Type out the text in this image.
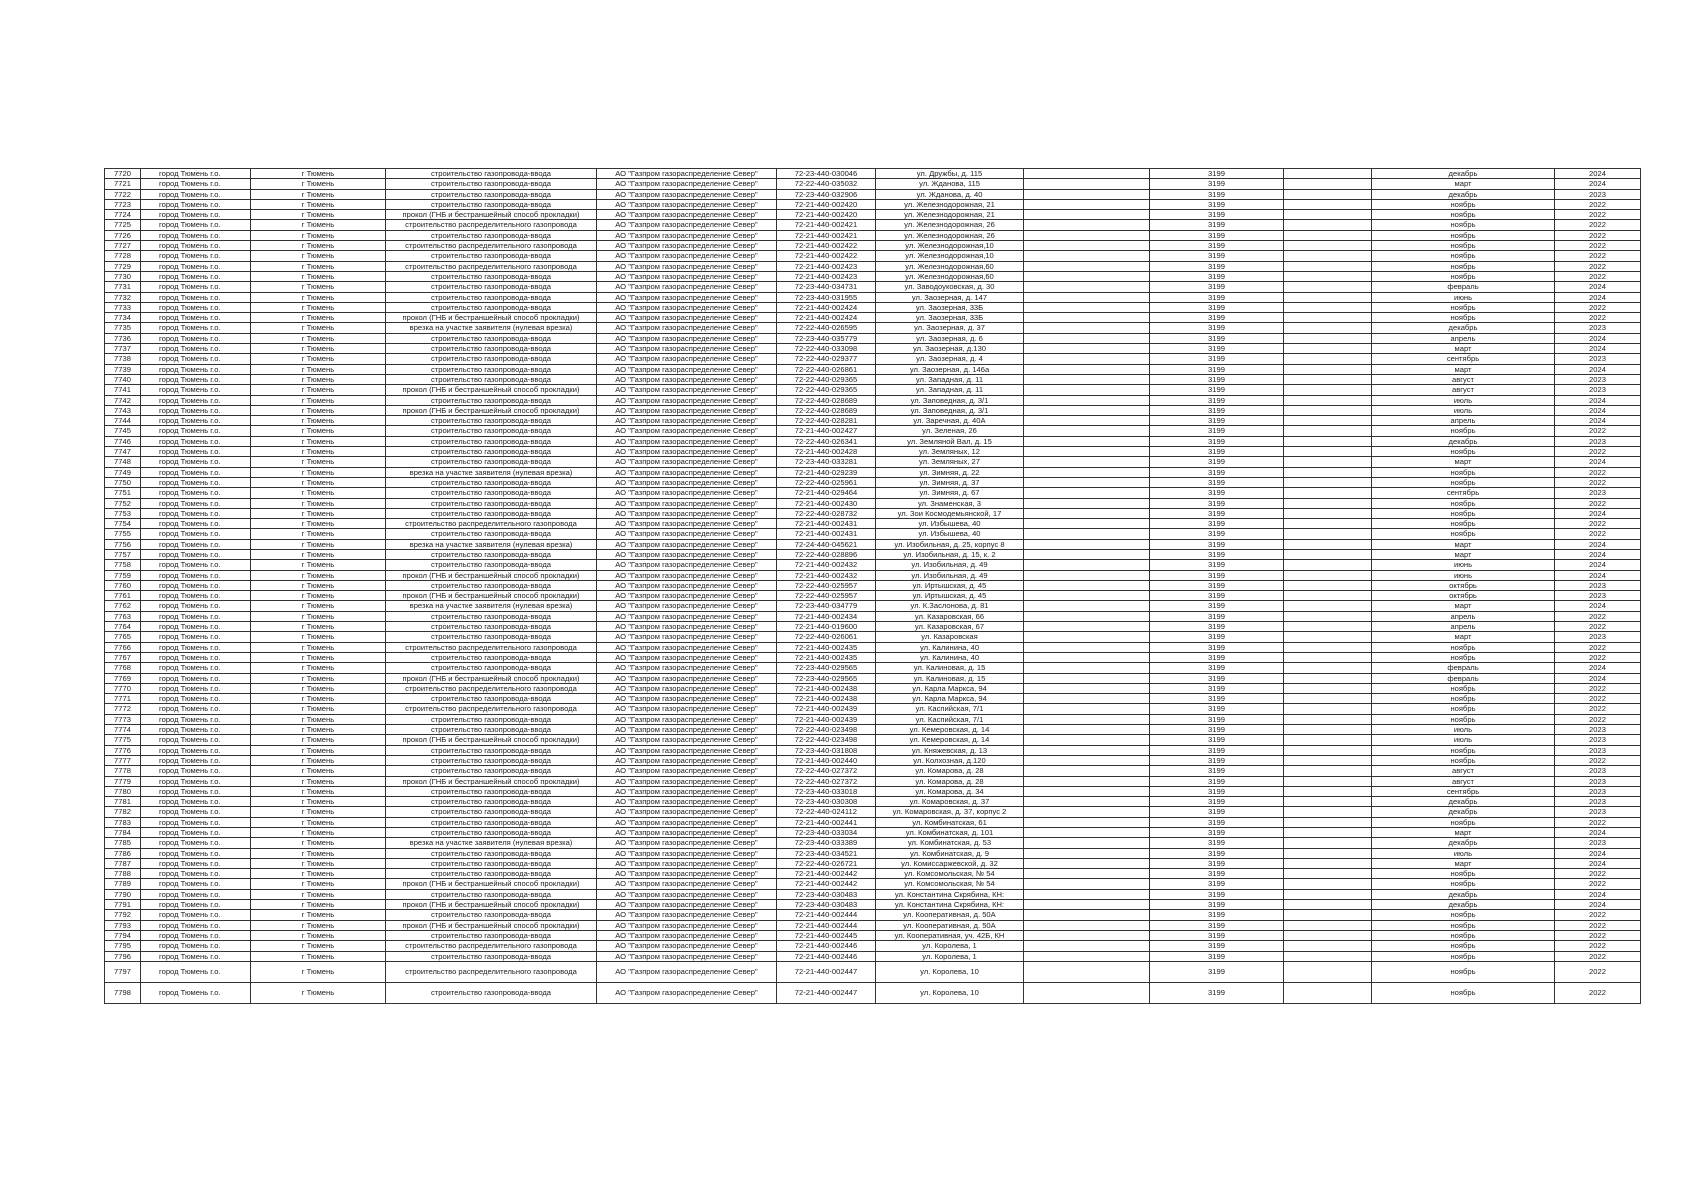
7720	город Тюмень г.о.	г Тюмень	строительство газопровода-ввода	АО "Газпром газораспределение Север"	72-23-440-030046	ул. Дружбы, д. 115		3199		декабрь	2024
7721	город Тюмень г.о.	г Тюмень	строительство газопровода-ввода	АО "Газпром газораспределение Север"	72-22-440-035032	ул. Жданова, 115		3199		март	2024
7722	город Тюмень г.о.	г Тюмень	строительство газопровода-ввода	АО "Газпром газораспределение Север"	72-23-440-032906	ул. Жданова, д. 40		3199		декабрь	2023
7723	город Тюмень г.о.	г Тюмень	строительство газопровода-ввода	АО "Газпром газораспределение Север"	72-21-440-002420	ул. Железнодорожная, 21		3199		ноябрь	2022
7724	город Тюмень г.о.	г Тюмень	прокол (ГНБ и бестраншейный способ прокладки)	АО "Газпром газораспределение Север"	72-21-440-002420	ул. Железнодорожная, 21		3199		ноябрь	2022
7725	город Тюмень г.о.	г Тюмень	строительство распределительного газопровода	АО "Газпром газораспределение Север"	72-21-440-002421	ул. Железнодорожная, 26		3199		ноябрь	2022
7726	город Тюмень г.о.	г Тюмень	строительство газопровода-ввода	АО "Газпром газораспределение Север"	72-21-440-002421	ул. Железнодорожная, 26		3199		ноябрь	2022
7727	город Тюмень г.о.	г Тюмень	строительство распределительного газопровода	АО "Газпром газораспределение Север"	72-21-440-002422	ул. Железнодорожная,10		3199		ноябрь	2022
7728	город Тюмень г.о.	г Тюмень	строительство газопровода-ввода	АО "Газпром газораспределение Север"	72-21-440-002422	ул. Железнодорожная,10		3199		ноябрь	2022
7729	город Тюмень г.о.	г Тюмень	строительство распределительного газопровода	АО "Газпром газораспределение Север"	72-21-440-002423	ул. Железнодорожная,60		3199		ноябрь	2022
7730	город Тюмень г.о.	г Тюмень	строительство газопровода-ввода	АО "Газпром газораспределение Север"	72-21-440-002423	ул. Железнодорожная,60		3199		ноябрь	2022
7731	город Тюмень г.о.	г Тюмень	строительство газопровода-ввода	АО "Газпром газораспределение Север"	72-23-440-034731	ул. Заводоуковская, д. 30		3199		февраль	2024
7732	город Тюмень г.о.	г Тюмень	строительство газопровода-ввода	АО "Газпром газораспределение Север"	72-23-440-031955	ул. Заозерная, д. 147		3199		июнь	2024
7733	город Тюмень г.о.	г Тюмень	строительство газопровода-ввода	АО "Газпром газораспределение Север"	72-21-440-002424	ул. Заозерная, 33Б		3199		ноябрь	2022
7734	город Тюмень г.о.	г Тюмень	прокол (ГНБ и бестраншейный способ прокладки)	АО "Газпром газораспределение Север"	72-21-440-002424	ул. Заозерная, 33Б		3199		ноябрь	2022
7735	город Тюмень г.о.	г Тюмень	врезка на участке заявителя (нулевая врезка)	АО "Газпром газораспределение Север"	72-22-440-026595	ул. Заозерная, д. 37		3199		декабрь	2023
7736	город Тюмень г.о.	г Тюмень	строительство газопровода-ввода	АО "Газпром газораспределение Север"	72-23-440-035779	ул. Заозерная, д. 6		3199		апрель	2024
7737	город Тюмень г.о.	г Тюмень	строительство газопровода-ввода	АО "Газпром газораспределение Север"	72-22-440-033098	ул. Заозерная, д.130		3199		март	2024
7738	город Тюмень г.о.	г Тюмень	строительство газопровода-ввода	АО "Газпром газораспределение Север"	72-22-440-029377	ул. Заозерная, д. 4		3199		сентябрь	2023
7739	город Тюмень г.о.	г Тюмень	строительство газопровода-ввода	АО "Газпром газораспределение Север"	72-22-440-026861	ул. Заозерная, д. 146а		3199		март	2024
7740	город Тюмень г.о.	г Тюмень	строительство газопровода-ввода	АО "Газпром газораспределение Север"	72-22-440-029365	ул. Западная, д. 11		3199		август	2023
7741	город Тюмень г.о.	г Тюмень	прокол (ГНБ и бестраншейный способ прокладки)	АО "Газпром газораспределение Север"	72-22-440-029365	ул. Западная, д. 11		3199		август	2023
7742	город Тюмень г.о.	г Тюмень	строительство газопровода-ввода	АО "Газпром газораспределение Север"	72-22-440-028689	ул. Заповедная, д. 3/1		3199		июль	2024
7743	город Тюмень г.о.	г Тюмень	прокол (ГНБ и бестраншейный способ прокладки)	АО "Газпром газораспределение Север"	72-22-440-028689	ул. Заповедная, д. 3/1		3199		июль	2024
7744	город Тюмень г.о.	г Тюмень	строительство газопровода-ввода	АО "Газпром газораспределение Север"	72-22-440-028281	ул. Заречная, д. 40А		3199		апрель	2024
7745	город Тюмень г.о.	г Тюмень	строительство газопровода-ввода	АО "Газпром газораспределение Север"	72-21-440-002427	ул. Зеленая, 26		3199		ноябрь	2022
7746	город Тюмень г.о.	г Тюмень	строительство газопровода-ввода	АО "Газпром газораспределение Север"	72-22-440-026341	ул. Земляной Вал, д. 15		3199		декабрь	2023
7747	город Тюмень г.о.	г Тюмень	строительство газопровода-ввода	АО "Газпром газораспределение Север"	72-21-440-002428	ул. Земляных, 12		3199		ноябрь	2022
7748	город Тюмень г.о.	г Тюмень	строительство газопровода-ввода	АО "Газпром газораспределение Север"	72-23-440-033281	ул. Земляных, 27		3199		март	2024
7749	город Тюмень г.о.	г Тюмень	врезка на участке заявителя (нулевая врезка)	АО "Газпром газораспределение Север"	72-21-440-029239	ул. Зимняя, д. 22		3199		ноябрь	2022
7750	город Тюмень г.о.	г Тюмень	строительство газопровода-ввода	АО "Газпром газораспределение Север"	72-22-440-025961	ул. Зимняя, д. 37		3199		ноябрь	2022
7751	город Тюмень г.о.	г Тюмень	строительство газопровода-ввода	АО "Газпром газораспределение Север"	72-21-440-029464	ул. Зимняя, д. 67		3199		сентябрь	2023
7752	город Тюмень г.о.	г Тюмень	строительство газопровода-ввода	АО "Газпром газораспределение Север"	72-21-440-002430	ул. Знаменская, 3		3199		ноябрь	2022
7753	город Тюмень г.о.	г Тюмень	строительство газопровода-ввода	АО "Газпром газораспределение Север"	72-22-440-028732	ул. Зои Космодемьянской, 17		3199		ноябрь	2024
7754	город Тюмень г.о.	г Тюмень	строительство распределительного газопровода	АО "Газпром газораспределение Север"	72-21-440-002431	ул. Избышева, 40		3199		ноябрь	2022
7755	город Тюмень г.о.	г Тюмень	строительство газопровода-ввода	АО "Газпром газораспределение Север"	72-21-440-002431	ул. Избышева, 40		3199		ноябрь	2022
7756	город Тюмень г.о.	г Тюмень	врезка на участке заявителя (нулевая врезка)	АО "Газпром газораспределение Север"	72-24-440-045621	ул. Изобильная, д. 25, корпус 8		3199		март	2024
7757	город Тюмень г.о.	г Тюмень	строительство газопровода-ввода	АО "Газпром газораспределение Север"	72-22-440-028896	ул. Изобильная, д. 15, к. 2		3199		март	2024
7758	город Тюмень г.о.	г Тюмень	строительство газопровода-ввода	АО "Газпром газораспределение Север"	72-21-440-002432	ул. Изобильная, д. 49		3199		июнь	2024
7759	город Тюмень г.о.	г Тюмень	прокол (ГНБ и бестраншейный способ прокладки)	АО "Газпром газораспределение Север"	72-21-440-002432	ул. Изобильная, д. 49		3199		июнь	2024
7760	город Тюмень г.о.	г Тюмень	строительство газопровода-ввода	АО "Газпром газораспределение Север"	72-22-440-025957	ул. Иртышская, д. 45		3199		октябрь	2023
7761	город Тюмень г.о.	г Тюмень	прокол (ГНБ и бестраншейный способ прокладки)	АО "Газпром газораспределение Север"	72-22-440-025957	ул. Иртышская, д. 45		3199		октябрь	2023
7762	город Тюмень г.о.	г Тюмень	врезка на участке заявителя (нулевая врезка)	АО "Газпром газораспределение Север"	72-23-440-034779	ул. К.Заслонова, д. 81		3199		март	2024
7763	город Тюмень г.о.	г Тюмень	строительство газопровода-ввода	АО "Газпром газораспределение Север"	72-21-440-002434	ул. Казаровская, 66		3199		апрель	2022
7764	город Тюмень г.о.	г Тюмень	строительство газопровода-ввода	АО "Газпром газораспределение Север"	72-21-440-019600	ул. Казаровская, 67		3199		апрель	2022
7765	город Тюмень г.о.	г Тюмень	строительство газопровода-ввода	АО "Газпром газораспределение Север"	72-22-440-026061	ул. Казаровская		3199		март	2023
7766	город Тюмень г.о.	г Тюмень	строительство распределительного газопровода	АО "Газпром газораспределение Север"	72-21-440-002435	ул. Калинина, 40		3199		ноябрь	2022
7767	город Тюмень г.о.	г Тюмень	строительство газопровода-ввода	АО "Газпром газораспределение Север"	72-21-440-002435	ул. Калинина, 40		3199		ноябрь	2022
7768	город Тюмень г.о.	г Тюмень	строительство газопровода-ввода	АО "Газпром газораспределение Север"	72-23-440-029565	ул. Калиновая, д. 15		3199		февраль	2024
7769	город Тюмень г.о.	г Тюмень	прокол (ГНБ и бестраншейный способ прокладки)	АО "Газпром газораспределение Север"	72-23-440-029565	ул. Калиновая, д. 15		3199		февраль	2024
7770	город Тюмень г.о.	г Тюмень	строительство распределительного газопровода	АО "Газпром газораспределение Север"	72-21-440-002438	ул. Карла Маркса, 94		3199		ноябрь	2022
7771	город Тюмень г.о.	г Тюмень	строительство газопровода-ввода	АО "Газпром газораспределение Север"	72-21-440-002438	ул. Карла Маркса, 94		3199		ноябрь	2022
7772	город Тюмень г.о.	г Тюмень	строительство распределительного газопровода	АО "Газпром газораспределение Север"	72-21-440-002439	ул. Каспийская, 7/1		3199		ноябрь	2022
7773	город Тюмень г.о.	г Тюмень	строительство газопровода-ввода	АО "Газпром газораспределение Север"	72-21-440-002439	ул. Каспийская, 7/1		3199		ноябрь	2022
7774	город Тюмень г.о.	г Тюмень	строительство газопровода-ввода	АО "Газпром газораспределение Север"	72-22-440-023498	ул. Кемеровская, д. 14		3199		июль	2023
7775	город Тюмень г.о.	г Тюмень	прокол (ГНБ и бестраншейный способ прокладки)	АО "Газпром газораспределение Север"	72-22-440-023498	ул. Кемеровская, д. 14		3199		июль	2023
7776	город Тюмень г.о.	г Тюмень	строительство газопровода-ввода	АО "Газпром газораспределение Север"	72-23-440-031808	ул. Княжевская, д. 13		3199		ноябрь	2023
7777	город Тюмень г.о.	г Тюмень	строительство газопровода-ввода	АО "Газпром газораспределение Север"	72-21-440-002440	ул. Колхозная, д.120		3199		ноябрь	2022
7778	город Тюмень г.о.	г Тюмень	строительство газопровода-ввода	АО "Газпром газораспределение Север"	72-22-440-027372	ул. Комарова, д. 28		3199		август	2023
7779	город Тюмень г.о.	г Тюмень	прокол (ГНБ и бестраншейный способ прокладки)	АО "Газпром газораспределение Север"	72-22-440-027372	ул. Комарова, д. 28		3199		август	2023
7780	город Тюмень г.о.	г Тюмень	строительство газопровода-ввода	АО "Газпром газораспределение Север"	72-23-440-033018	ул. Комарова, д. 34		3199		сентябрь	2023
7781	город Тюмень г.о.	г Тюмень	строительство газопровода-ввода	АО "Газпром газораспределение Север"	72-23-440-030308	ул. Комаровская, д. 37		3199		декабрь	2023
7782	город Тюмень г.о.	г Тюмень	строительство газопровода-ввода	АО "Газпром газораспределение Север"	72-22-440-024112	ул. Комаровская, д. 37, корпус 2		3199		декабрь	2023
7783	город Тюмень г.о.	г Тюмень	строительство газопровода-ввода	АО "Газпром газораспределение Север"	72-21-440-002441	ул. Комбинатская, 61		3199		ноябрь	2022
7784	город Тюмень г.о.	г Тюмень	строительство газопровода-ввода	АО "Газпром газораспределение Север"	72-23-440-033034	ул. Комбинатская, д. 101		3199		март	2024
7785	город Тюмень г.о.	г Тюмень	врезка на участке заявителя (нулевая врезка)	АО "Газпром газораспределение Север"	72-23-440-033389	ул. Комбинатская, д. 53		3199		декабрь	2023
7786	город Тюмень г.о.	г Тюмень	строительство газопровода-ввода	АО "Газпром газораспределение Север"	72-23-440-034521	ул. Комбинатская, д. 9		3199		июль	2024
7787	город Тюмень г.о.	г Тюмень	строительство газопровода-ввода	АО "Газпром газораспределение Север"	72-22-440-026721	ул. Комиссаржевской, д. 32		3199		март	2024
7788	город Тюмень г.о.	г Тюмень	строительство газопровода-ввода	АО "Газпром газораспределение Север"	72-21-440-002442	ул. Комсомольская, № 54		3199		ноябрь	2022
7789	город Тюмень г.о.	г Тюмень	прокол (ГНБ и бестраншейный способ прокладки)	АО "Газпром газораспределение Север"	72-21-440-002442	ул. Комсомольская, № 54		3199		ноябрь	2022
7790	город Тюмень г.о.	г Тюмень	строительство газопровода-ввода	АО "Газпром газораспределение Север"	72-23-440-030483	ул. Константина Скрябина, КН:		3199		декабрь	2024
7791	город Тюмень г.о.	г Тюмень	прокол (ГНБ и бестраншейный способ прокладки)	АО "Газпром газораспределение Север"	72-23-440-030483	ул. Константина Скрябина, КН:		3199		декабрь	2024
7792	город Тюмень г.о.	г Тюмень	строительство газопровода-ввода	АО "Газпром газораспределение Север"	72-21-440-002444	ул. Кооперативная, д. 50А		3199		ноябрь	2022
7793	город Тюмень г.о.	г Тюмень	прокол (ГНБ и бестраншейный способ прокладки)	АО "Газпром газораспределение Север"	72-21-440-002444	ул. Кооперативная, д. 50А		3199		ноябрь	2022
7794	город Тюмень г.о.	г Тюмень	строительство газопровода-ввода	АО "Газпром газораспределение Север"	72-21-440-002445	ул. Кооперативная, уч. 42Б, КН		3199		ноябрь	2022
7795	город Тюмень г.о.	г Тюмень	строительство распределительного газопровода	АО "Газпром газораспределение Север"	72-21-440-002446	ул. Королева, 1		3199		ноябрь	2022
7796	город Тюмень г.о.	г Тюмень	строительство газопровода-ввода	АО "Газпром газораспределение Север"	72-21-440-002446	ул. Королева, 1		3199		ноябрь	2022
7797	город Тюмень г.о.	г Тюмень	строительство распределительного газопровода	АО "Газпром газораспределение Север"	72-21-440-002447	ул. Королева, 10		3199		ноябрь	2022
7798	город Тюмень г.о.	г Тюмень	строительство газопровода-ввода	АО "Газпром газораспределение Север"	72-21-440-002447	ул. Королева, 10		3199		ноябрь	2022
